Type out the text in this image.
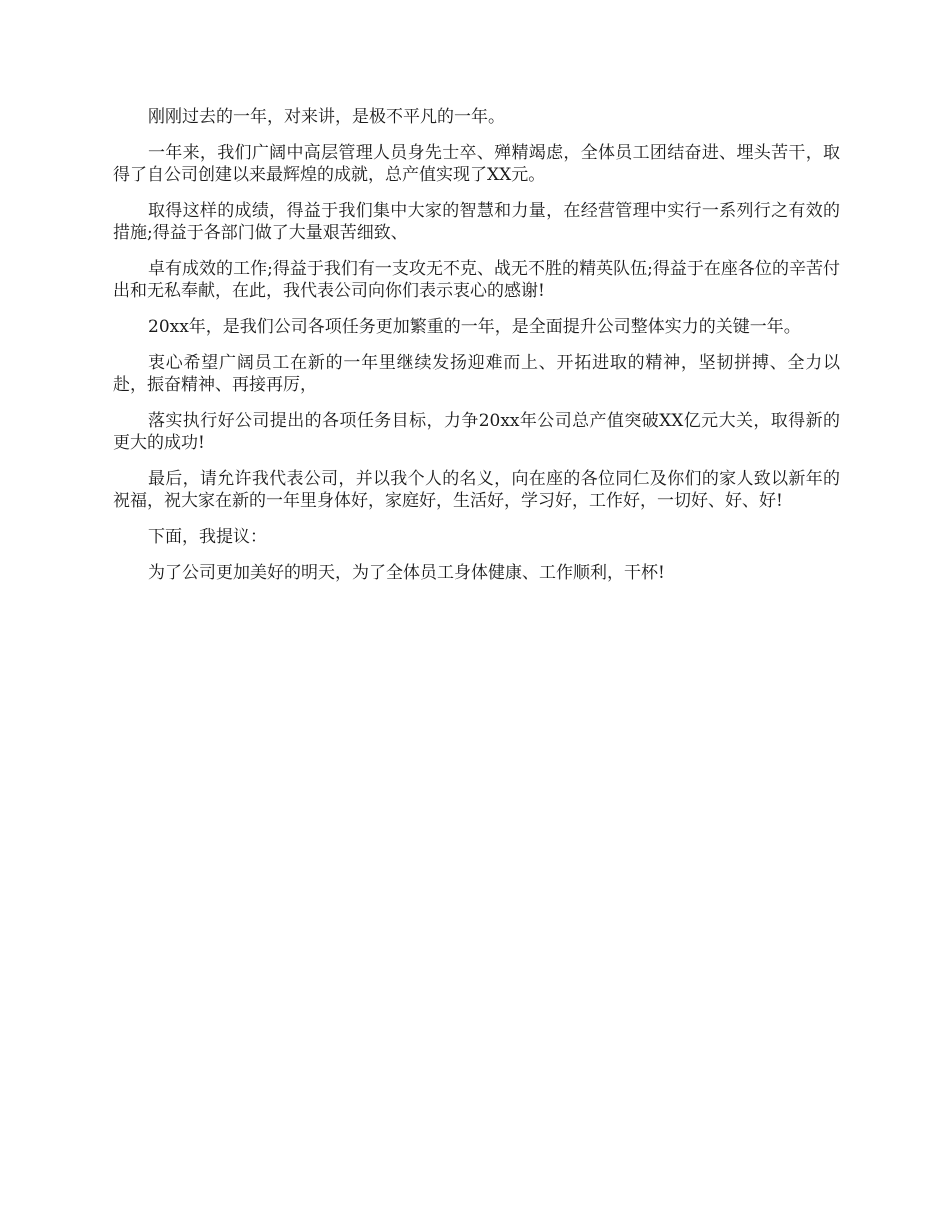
刚刚过去的一年，对来讲，是极不平凡的一年。

一年来，我们广阔中高层管理人员身先士卒、殚精竭虑，全体员工团结奋进、埋头苦干，取得了自公司创建以来最辉煌的成就，总产值实现了XX元。

取得这样的成绩，得益于我们集中大家的智慧和力量，在经营管理中实行一系列行之有效的措施;得益于各部门做了大量艰苦细致、

卓有成效的工作;得益于我们有一支攻无不克、战无不胜的精英队伍;得益于在座各位的辛苦付出和无私奉献，在此，我代表公司向你们表示衷心的感谢!

20xx年，是我们公司各项任务更加繁重的一年，是全面提升公司整体实力的关键一年。

衷心希望广阔员工在新的一年里继续发扬迎难而上、开拓进取的精神，坚韧拼搏、全力以赴，振奋精神、再接再厉，

落实执行好公司提出的各项任务目标，力争20xx年公司总产值突破XX亿元大关，取得新的更大的成功!

最后，请允许我代表公司，并以我个人的名义，向在座的各位同仁及你们的家人致以新年的祝福，祝大家在新的一年里身体好，家庭好，生活好，学习好，工作好，一切好、好、好!

下面，我提议：

为了公司更加美好的明天，为了全体员工身体健康、工作顺利，干杯!
